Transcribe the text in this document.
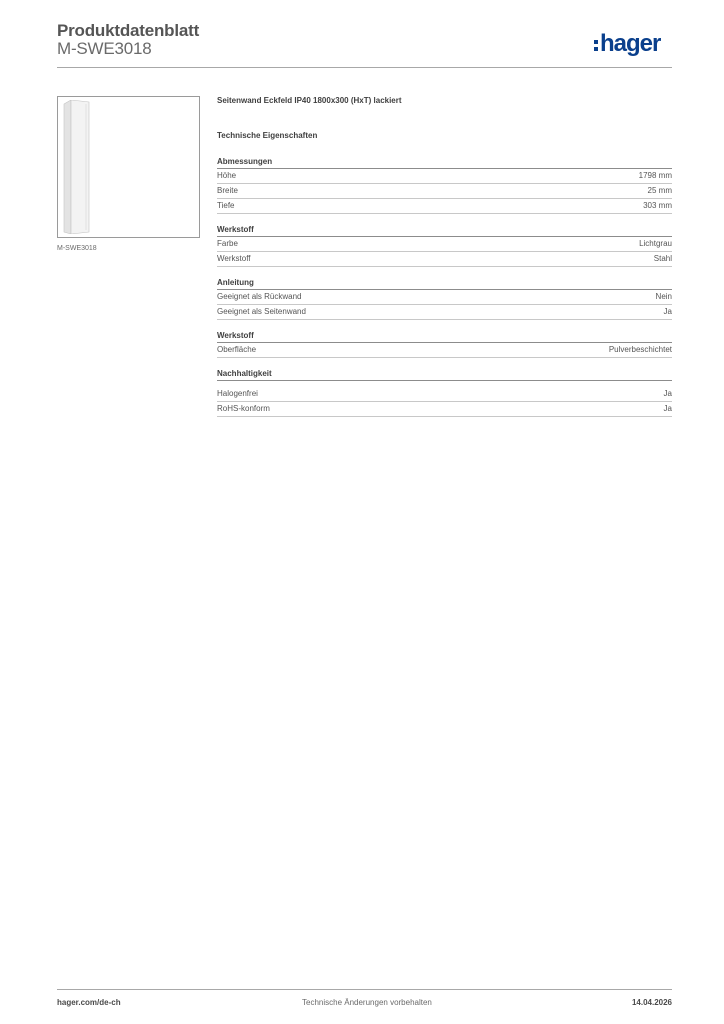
Produktdatenblatt
M-SWE3018	hager
M-SWE3018
Seitenwand Eckfeld IP40 1800x300 (HxT) lackiert
Technische Eigenschaften
Abmessungen
Höhe	1798 mm
Breite	25 mm
Tiefe	303 mm
Werkstoff
Farbe	Lichtgrau
Werkstoff	Stahl
Anleitung
Geeignet als Rückwand	Nein
Geeignet als Seitenwand	Ja
Werkstoff
Oberfläche	Pulverbeschichtet
Nachhaltigkeit
Halogenfrei	Ja
RoHS-konform	Ja
hager.com/de-ch	Technische Änderungen vorbehalten	14.04.2026
